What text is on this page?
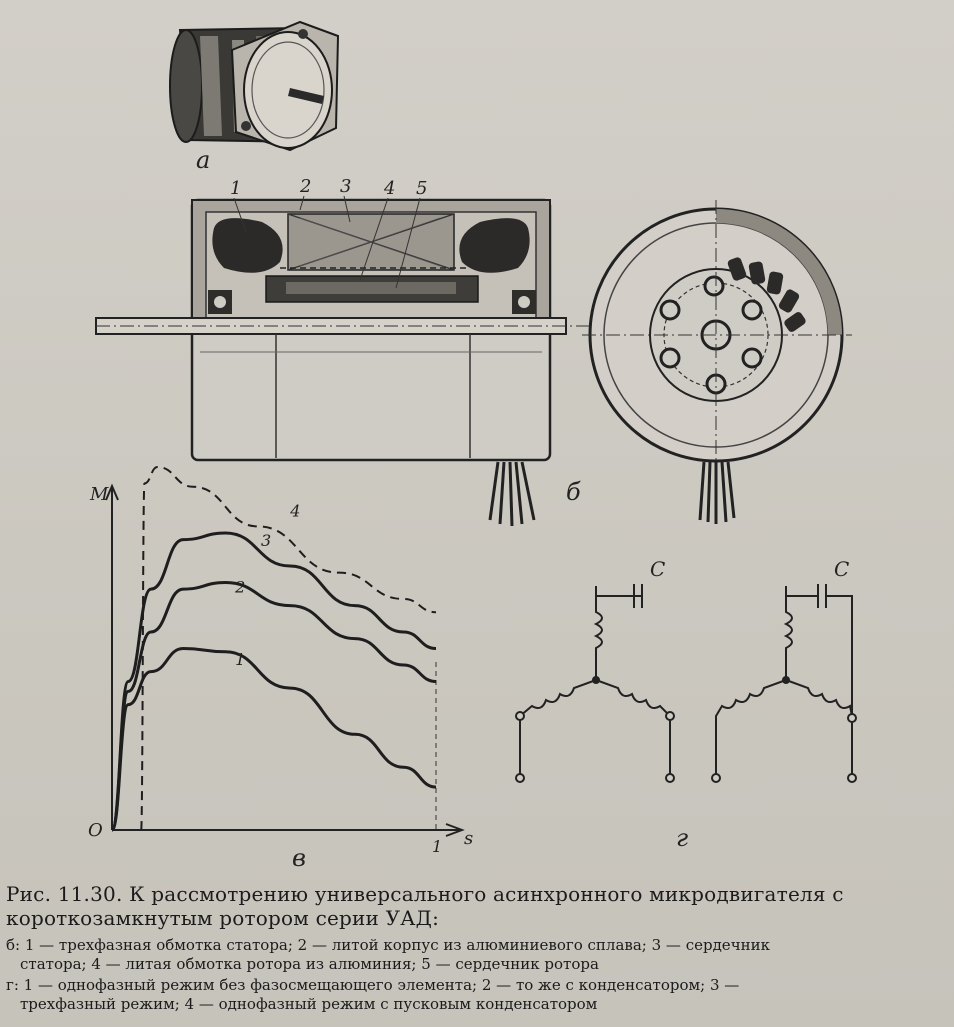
а
1	2 3 4 5
б
1
2
3
4
M
s
O
1
в
C	C
г
Рис. 11.30. К рассмотрению универсального асинхронного микродвигателя с короткозамкнутым ротором серии УАД:
б: 1 — трехфазная обмотка статора; 2 — литой корпус из алюминиевого сплава; 3 — сердечник
статора; 4 — литая обмотка ротора из алюминия; 5 — сердечник ротора
г: 1 — однофазный режим без фазосмещающего элемента; 2 — то же с конденсатором; 3 —
трехфазный режим; 4 — однофазный режим с пусковым конденсатором
